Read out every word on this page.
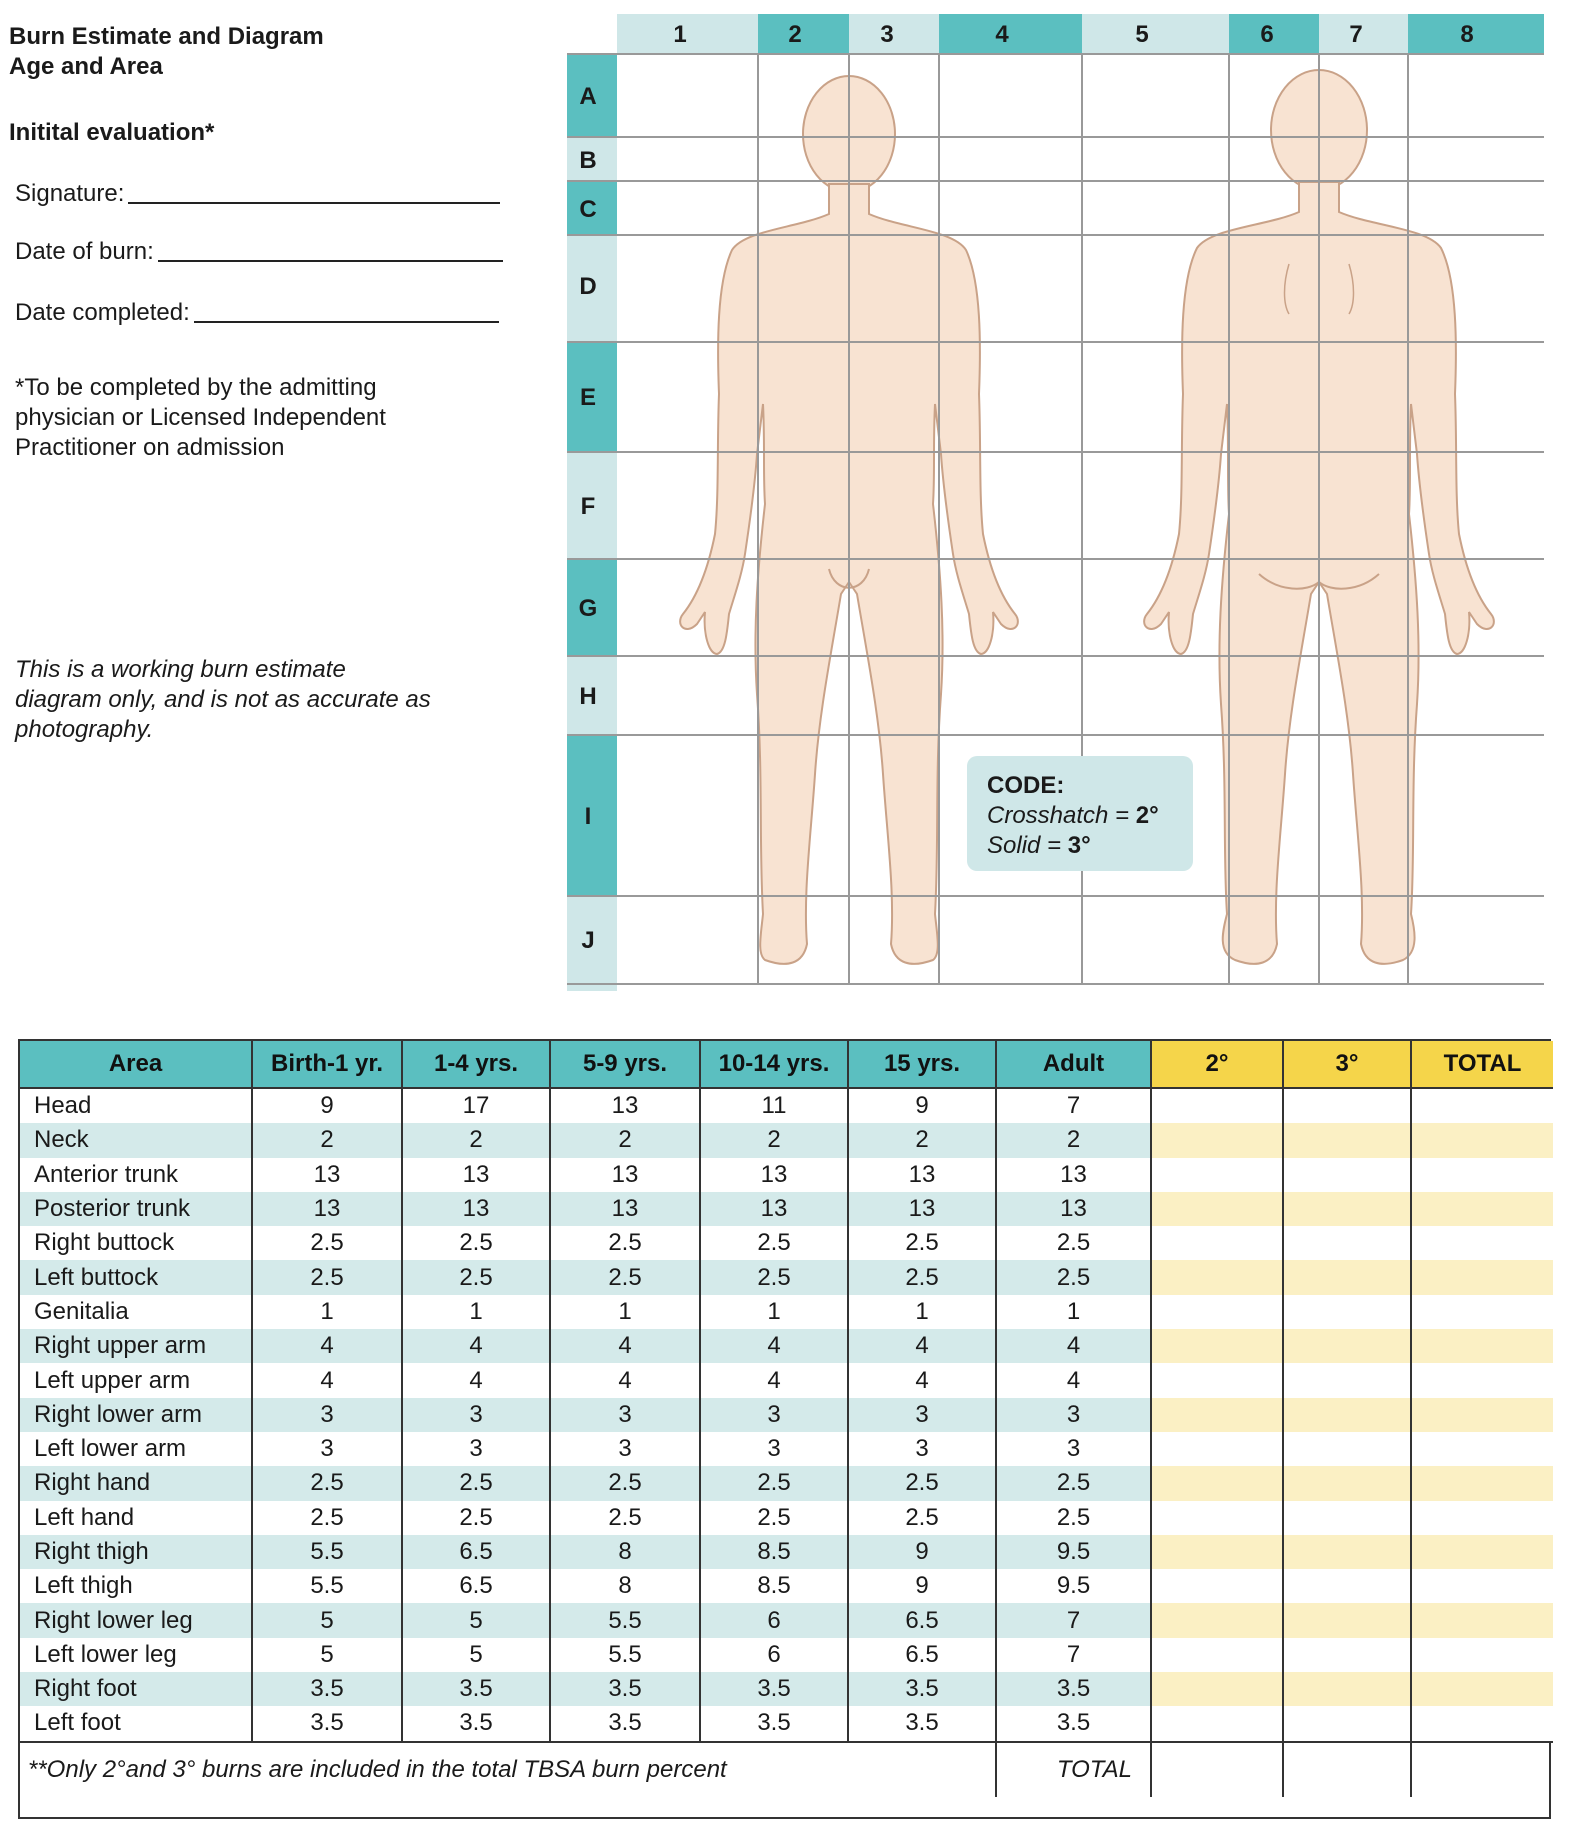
Burn Estimate and Diagram
Age and Area
Initital evaluation*
Signature:
Date of burn:
Date completed:
*To be completed by the admitting physician or Licensed Independent Practitioner on admission
This is a working burn estimate diagram only, and is not as accurate as photography.
1	2	3	4	5	6	7	8
A
B
C
D
E
F
G
H
I
J
CODE:
Crosshatch = 2°
Solid = 3°
Area	Birth-1 yr.	1-4 yrs.	5-9 yrs.	10-14 yrs.	15 yrs.	Adult	2°	3°	TOTAL
Head	9	17	13	11	9	7			
Neck	2	2	2	2	2	2			
Anterior trunk	13	13	13	13	13	13			
Posterior trunk	13	13	13	13	13	13			
Right buttock	2.5	2.5	2.5	2.5	2.5	2.5			
Left buttock	2.5	2.5	2.5	2.5	2.5	2.5			
Genitalia	1	1	1	1	1	1			
Right upper arm	4	4	4	4	4	4			
Left upper arm	4	4	4	4	4	4			
Right lower arm	3	3	3	3	3	3			
Left lower arm	3	3	3	3	3	3			
Right hand	2.5	2.5	2.5	2.5	2.5	2.5			
Left hand	2.5	2.5	2.5	2.5	2.5	2.5			
Right thigh	5.5	6.5	8	8.5	9	9.5			
Left thigh	5.5	6.5	8	8.5	9	9.5			
Right lower leg	5	5	5.5	6	6.5	7			
Left lower leg	5	5	5.5	6	6.5	7			
Right foot	3.5	3.5	3.5	3.5	3.5	3.5			
Left foot	3.5	3.5	3.5	3.5	3.5	3.5			
**Only 2°and 3° burns are included in the total TBSA burn percent						TOTAL			
